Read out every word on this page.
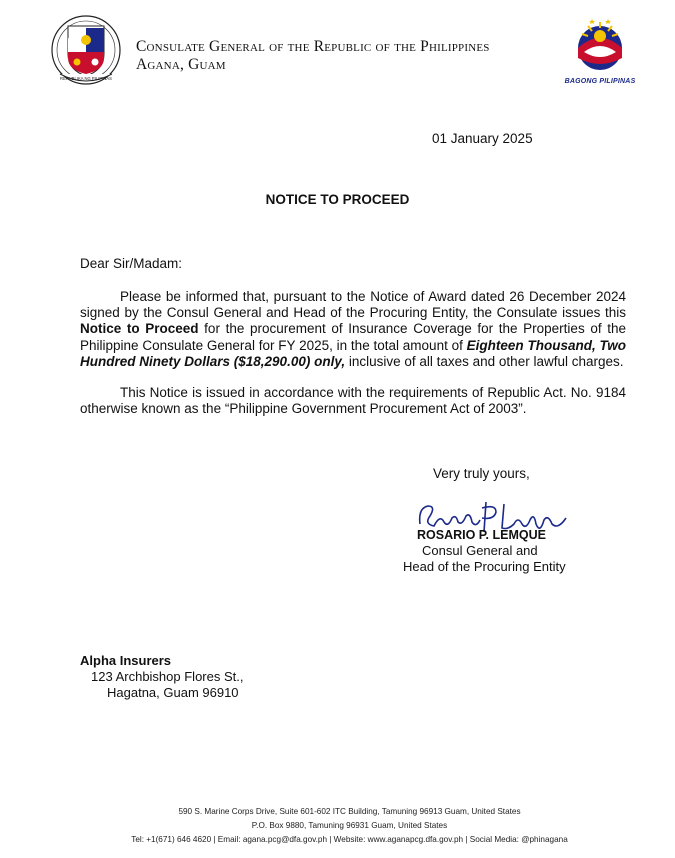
REPUBLIKA NG PILIPINAS
Consulate General of the Republic of the Philippines
Agana, Guam
BAGONG PILIPINAS
01 January 2025
NOTICE TO PROCEED
Dear Sir/Madam:

Please be informed that, pursuant to the Notice of Award dated 26 December 2024 signed by the Consul General and Head of the Procuring Entity, the Consulate issues this Notice to Proceed for the procurement of Insurance Coverage for the Properties of the Philippine Consulate General for FY 2025, in the total amount of Eighteen Thousand, Two Hundred Ninety Dollars ($18,290.00) only, inclusive of all taxes and other lawful charges.

This Notice is issued in accordance with the requirements of Republic Act. No. 9184 otherwise known as the “Philippine Government Procurement Act of 2003”.

Very truly yours,
ROSARIO P. LEMQUE
Consul General and
Head of the Procuring Entity
Alpha Insurers
123 Archbishop Flores St.,
Hagatna, Guam 96910
590 S. Marine Corps Drive, Suite 601-602 ITC Building, Tamuning 96913 Guam, United States
P.O. Box 9880, Tamuning 96931 Guam, United States
Tel: +1(671) 646 4620 | Email: agana.pcg@dfa.gov.ph | Website: www.aganapcg.dfa.gov.ph | Social Media: @phinagana
